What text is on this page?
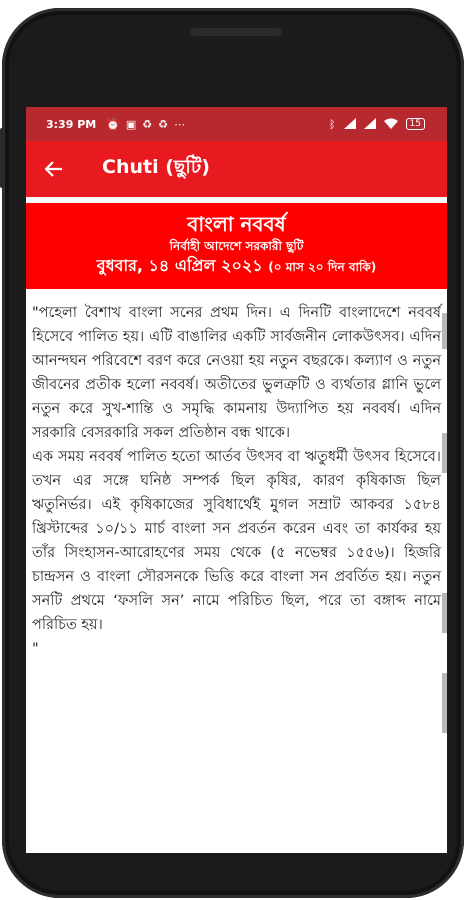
3:39 PM ⏰ ▣ ♻ ♻ ⋯	ᛒ	15
Chuti (ছুটি)
বাংলা নববর্ষ
নির্বাহী আদেশে সরকারী ছুটি
বুধবার, ১৪ এপ্রিল ২০২১ (০ মাস ২০ দিন বাকি)

"পহেলা বৈশাখ বাংলা সনের প্রথম দিন। এ দিনটি বাংলাদেশে নববর্ষ হিসেবে পালিত হয়। এটি বাঙালির একটি সার্বজনীন লোকউৎসব। এদিন আনন্দঘন পরিবেশে বরণ করে নেওয়া হয় নতুন বছরকে। কল্যাণ ও নতুন জীবনের প্রতীক হলো নববর্ষ। অতীতের ভুলত্রুটি ও ব্যর্থতার গ্লানি ভুলে নতুন করে সুখ-শান্তি ও সমৃদ্ধি কামনায় উদ্যাপিত হয় নববর্ষ। এদিন সরকারি বেসরকারি সকল প্রতিষ্ঠান বন্ধ থাকে।

এক সময় নববর্ষ পালিত হতো আর্তব উৎসব বা ঋতুধর্মী উৎসব হিসেবে। তখন এর সঙ্গে ঘনিষ্ঠ সম্পর্ক ছিল কৃষির, কারণ কৃষিকাজ ছিল ঋতুনির্ভর। এই কৃষিকাজের সুবিধার্থেই মুগল সম্রাট আকবর ১৫৮৪ খ্রিস্টাব্দের ১০/১১ মার্চ বাংলা সন প্রবর্তন করেন এবং তা কার্যকর হয় তাঁর সিংহাসন-আরোহণের সময় থেকে (৫ নভেম্বর ১৫৫৬)। হিজরি চান্দ্রসন ও বাংলা সৌরসনকে ভিত্তি করে বাংলা সন প্রবর্তিত হয়। নতুন সনটি প্রথমে ‘ফসলি সন’ নামে পরিচিত ছিল, পরে তা বঙ্গাব্দ নামে পরিচিত হয়।

"
